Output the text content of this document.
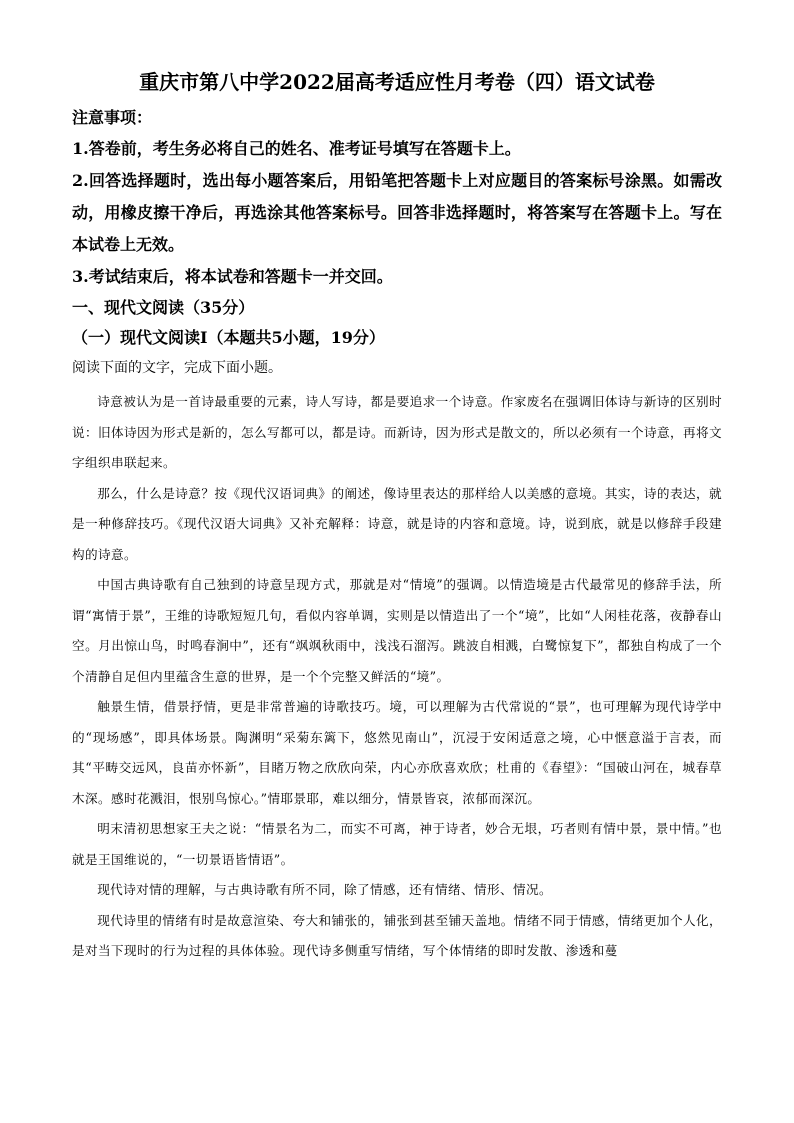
重庆市第八中学2022届高考适应性月考卷（四）语文试卷

注意事项：

1.答卷前，考生务必将自己的姓名、准考证号填写在答题卡上。

2.回答选择题时，选出每小题答案后，用铅笔把答题卡上对应题目的答案标号涂黑。如需改动，用橡皮擦干净后，再选涂其他答案标号。回答非选择题时，将答案写在答题卡上。写在本试卷上无效。

3.考试结束后，将本试卷和答题卡一并交回。

一、现代文阅读（35分）

（一）现代文阅读Ⅰ（本题共5小题，19分）

阅读下面的文字，完成下面小题。

诗意被认为是一首诗最重要的元素，诗人写诗，都是要追求一个诗意。作家废名在强调旧体诗与新诗的区别时说：旧体诗因为形式是新的，怎么写都可以，都是诗。而新诗，因为形式是散文的，所以必须有一个诗意，再将文字组织串联起来。

那么，什么是诗意？按《现代汉语词典》的阐述，像诗里表达的那样给人以美感的意境。其实，诗的表达，就是一种修辞技巧。《现代汉语大词典》又补充解释：诗意，就是诗的内容和意境。诗，说到底，就是以修辞手段建构的诗意。

中国古典诗歌有自己独到的诗意呈现方式，那就是对“情境”的强调。以情造境是古代最常见的修辞手法，所谓“寓情于景”，王维的诗歌短短几句，看似内容单调，实则是以情造出了一个“境”，比如“人闲桂花落，夜静春山空。月出惊山鸟，时鸣春涧中”，还有“飒飒秋雨中，浅浅石溜泻。跳波自相溅，白鹭惊复下”，都独自构成了一个个清静自足但内里蕴含生意的世界，是一个个完整又鲜活的“境”。

触景生情，借景抒情，更是非常普遍的诗歌技巧。境，可以理解为古代常说的“景”，也可理解为现代诗学中的“现场感”，即具体场景。陶渊明“采菊东篱下，悠然见南山”，沉浸于安闲适意之境，心中惬意溢于言表，而其“平畴交远风，良苗亦怀新”，目睹万物之欣欣向荣，内心亦欣喜欢欣；杜甫的《春望》：“国破山河在，城春草木深。感时花溅泪，恨别鸟惊心。”情耶景耶，难以细分，情景皆哀，浓郁而深沉。

明末清初思想家王夫之说：“情景名为二，而实不可离，神于诗者，妙合无垠，巧者则有情中景，景中情。”也就是王国维说的，“一切景语皆情语”。

现代诗对情的理解，与古典诗歌有所不同，除了情感，还有情绪、情形、情况。

现代诗里的情绪有时是故意渲染、夸大和铺张的，铺张到甚至铺天盖地。情绪不同于情感，情绪更加个人化，是对当下现时的行为过程的具体体验。现代诗多侧重写情绪，写个体情绪的即时发散、渗透和蔓
